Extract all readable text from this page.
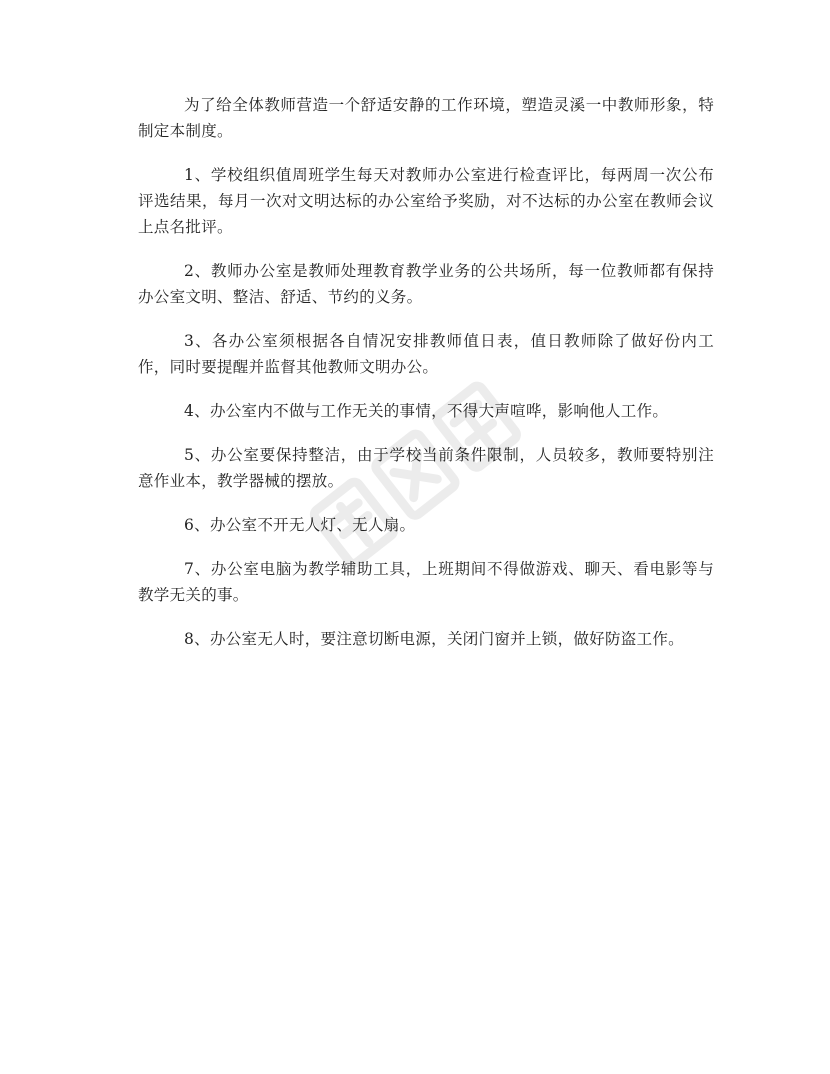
为了给全体教师营造一个舒适安静的工作环境，塑造灵溪一中教师形象，特制定本制度。

1、学校组织值周班学生每天对教师办公室进行检查评比，每两周一次公布评选结果，每月一次对文明达标的办公室给予奖励，对不达标的办公室在教师会议上点名批评。

2、教师办公室是教师处理教育教学业务的公共场所，每一位教师都有保持办公室文明、整洁、舒适、节约的义务。

3、各办公室须根据各自情况安排教师值日表，值日教师除了做好份内工作，同时要提醒并监督其他教师文明办公。

4、办公室内不做与工作无关的事情，不得大声喧哗，影响他人工作。

5、办公室要保持整洁，由于学校当前条件限制，人员较多，教师要特别注意作业本，教学器械的摆放。

6、办公室不开无人灯、无人扇。

7、办公室电脑为教学辅助工具，上班期间不得做游戏、聊天、看电影等与教学无关的事。

8、办公室无人时，要注意切断电源，关闭门窗并上锁，做好防盗工作。
